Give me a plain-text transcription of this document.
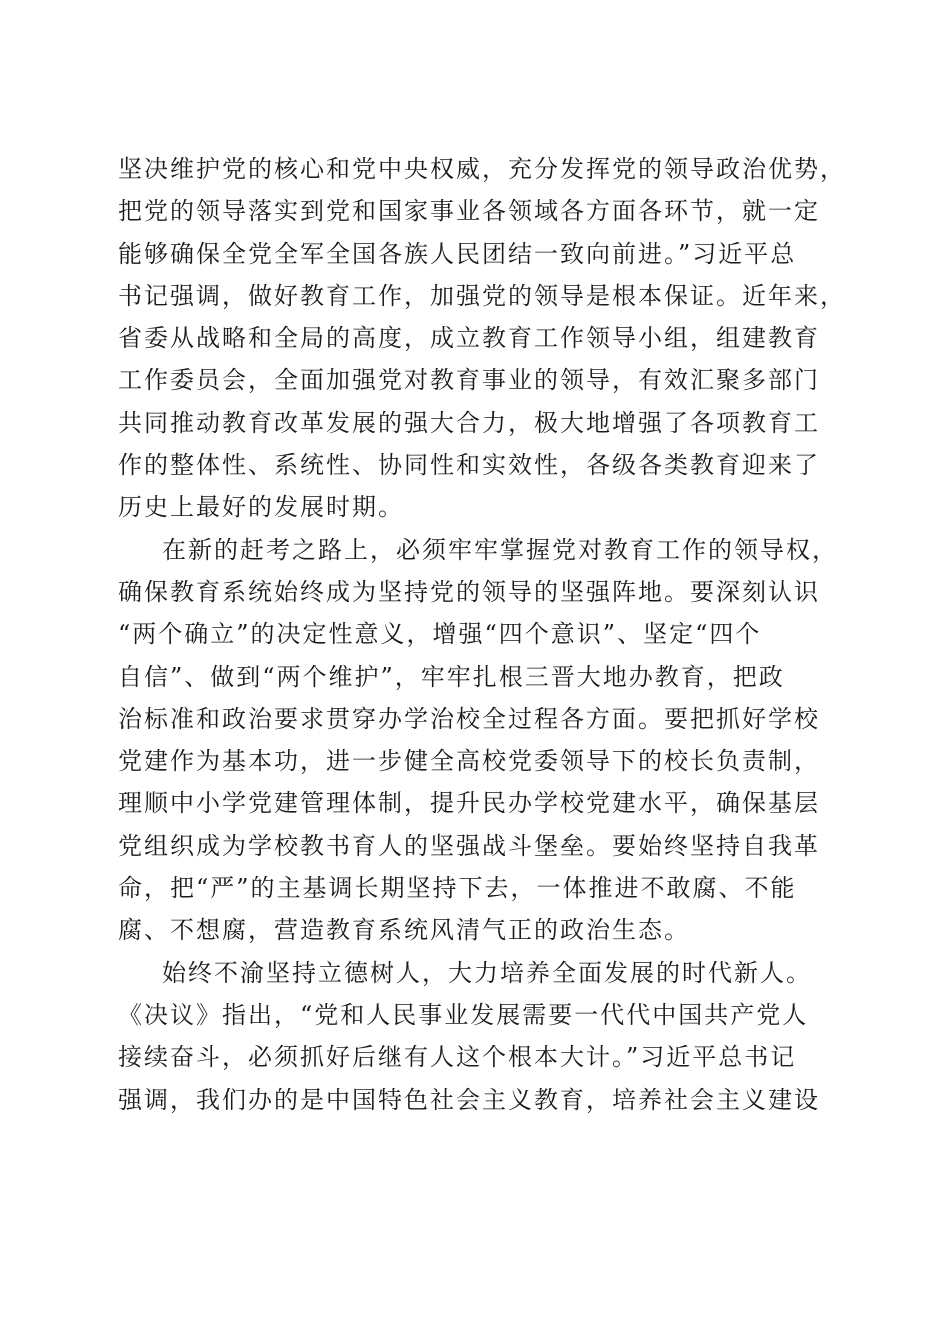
坚决维护党的核心和党中央权威，充分发挥党的领导政治优势，
把党的领导落实到党和国家事业各领域各方面各环节，就一定
能够确保全党全军全国各族人民团结一致向前进。”习近平总
书记强调，做好教育工作，加强党的领导是根本保证。近年来，
省委从战略和全局的高度，成立教育工作领导小组，组建教育
工作委员会，全面加强党对教育事业的领导，有效汇聚多部门
共同推动教育改革发展的强大合力，极大地增强了各项教育工
作的整体性、系统性、协同性和实效性，各级各类教育迎来了
历史上最好的发展时期。
在新的赶考之路上，必须牢牢掌握党对教育工作的领导权，
确保教育系统始终成为坚持党的领导的坚强阵地。要深刻认识
“两个确立”的决定性意义，增强“四个意识”、坚定“四个
自信”、做到“两个维护”，牢牢扎根三晋大地办教育，把政
治标准和政治要求贯穿办学治校全过程各方面。要把抓好学校
党建作为基本功，进一步健全高校党委领导下的校长负责制，
理顺中小学党建管理体制，提升民办学校党建水平，确保基层
党组织成为学校教书育人的坚强战斗堡垒。要始终坚持自我革
命，把“严”的主基调长期坚持下去，一体推进不敢腐、不能
腐、不想腐，营造教育系统风清气正的政治生态。
始终不渝坚持立德树人，大力培养全面发展的时代新人。
《决议》指出，“党和人民事业发展需要一代代中国共产党人
接续奋斗，必须抓好后继有人这个根本大计。”习近平总书记
强调，我们办的是中国特色社会主义教育，培养社会主义建设
